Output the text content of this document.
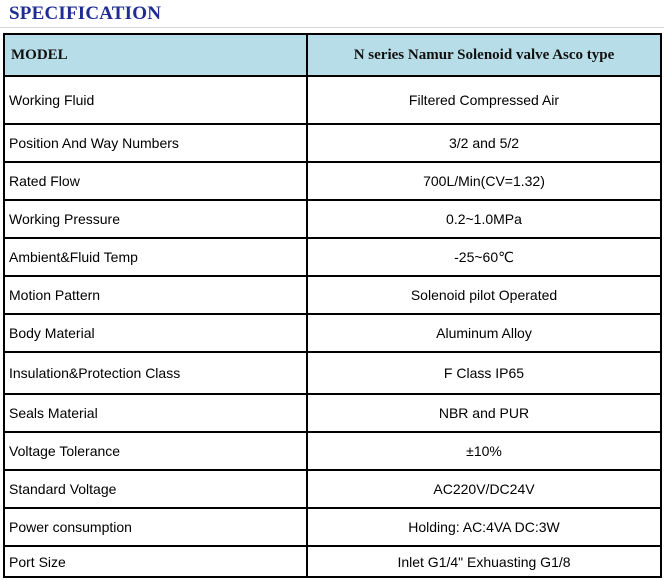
SPECIFICATION
MODEL	N series Namur Solenoid valve Asco type
Working Fluid	Filtered Compressed Air
Position And Way Numbers	3/2 and 5/2
Rated Flow	700L/Min(CV=1.32)
Working Pressure	0.2~1.0MPa
Ambient&Fluid Temp	-25~60℃
Motion Pattern	Solenoid pilot Operated
Body Material	Aluminum Alloy
Insulation&Protection Class	F Class IP65
Seals Material	NBR and PUR
Voltage Tolerance	±10%
Standard Voltage	AC220V/DC24V
Power consumption	Holding: AC:4VA DC:3W
Port Size	Inlet G1/4" Exhuasting G1/8
